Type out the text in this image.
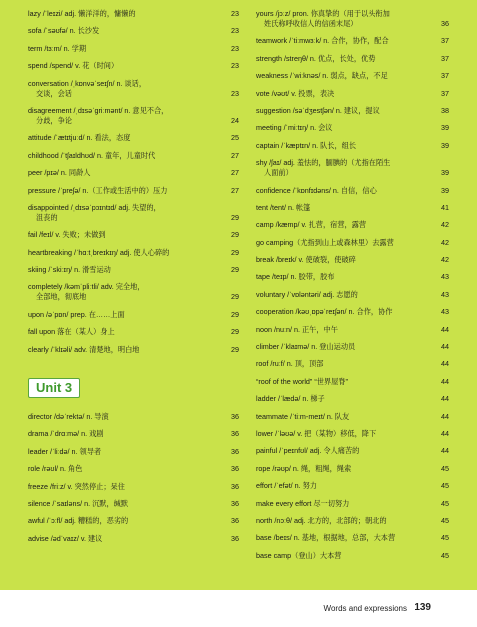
lazy /ˈleɪzi/ adj. 懒洋洋的，慵懒的	23
sofa /ˈsəʊfə/ n. 长沙发	23
term /tɜːm/ n. 学期	23
spend /spend/ v. 花（时间）	23
conversation /ˌkɒnvəˈseɪʃn/ n. 谈话，
交谈，会话	23
disagreement /ˌdɪsəˈɡriːmənt/ n. 意见不合，
分歧，争论	24
attitude /ˈætɪtjuːd/ n. 看法，态度	25
childhood /ˈtʃaɪldhʊd/ n. 童年，儿童时代	27
peer /pɪə/ n. 同龄人	27
pressure /ˈpreʃə/ n.（工作或生活中的）压力	27
disappointed /ˌdɪsəˈpɔɪntɪd/ adj. 失望的，
沮丧的	29
fail /feɪl/ v. 失败；未做到	29
heartbreaking /ˈhɑːtˌbreɪkɪŋ/ adj. 使人心碎的	29
skiing /ˈskiːɪŋ/ n. 滑雪运动	29
completely /kəmˈpliːtli/ adv. 完全地，
全部地，彻底地	29
upon /əˈpɒn/ prep. 在……上面	29
fall upon 落在（某人）身上	29
clearly /ˈklɪəli/ adv. 清楚地，明白地	29
Unit 3
director /dəˈrektə/ n. 导演	36
drama /ˈdrɑːmə/ n. 戏剧	36
leader /ˈliːdə/ n. 领导者	36
role /rəʊl/ n. 角色	36
freeze /friːz/ v. 突然停止；呆住	36
silence /ˈsaɪləns/ n. 沉默，缄默	36
awful /ˈɔːfl/ adj. 糟糕的，恶劣的	36
advise /ədˈvaɪz/ v. 建议	36
yours /jɔːz/ pron. 你真挚的（用于以头衔加
姓氏称呼收信人的信函末尾）	36
teamwork /ˈtiːmwɜːk/ n. 合作，协作，配合	37
strength /streŋθ/ n. 优点，长处，优势	37
weakness /ˈwiːknəs/ n. 弱点，缺点，不足	37
vote /vəʊt/ v. 投票，表决	37
suggestion /səˈdʒestʃən/ n. 建议，提议	38
meeting /ˈmiːtɪŋ/ n. 会议	39
captain /ˈkæptɪn/ n. 队长，组长	39
shy /ʃaɪ/ adj. 羞怯的，腼腆的（尤指在陌生
人面前）	39
confidence /ˈkɒnfɪdəns/ n. 自信，信心	39
tent /tent/ n. 帐篷	41
camp /kæmp/ v. 扎营，宿营，露营	42
go camping（尤指到山上或森林里）去露营	42
break /breɪk/ v. 使破裂，使破碎	42
tape /teɪp/ n. 胶带，胶布	43
voluntary /ˈvɒləntəri/ adj. 志愿的	43
cooperation /kəʊˌɒpəˈreɪʃən/ n. 合作，协作	43
noon /nuːn/ n. 正午，中午	44
climber /ˈklaɪmə/ n. 登山运动员	44
roof /ruːf/ n. 顶，顶部	44
“roof of the world” “世界屋脊”	44
ladder /ˈlædə/ n. 梯子	44
teammate /ˈtiːm-meɪt/ n. 队友	44
lower /ˈləʊə/ v. 把（某物）移低，降下	44
painful /ˈpeɪnfʊl/ adj. 令人痛苦的	44
rope /rəʊp/ n. 绳，粗绳，绳索	45
effort /ˈefət/ n. 努力	45
make every effort 尽一切努力	45
north /nɔːθ/ adj. 北方的，北部的；朝北的	45
base /beɪs/ n. 基地，根据地，总部，大本营	45
base camp（登山）大本营	45
Words and expressions 139
